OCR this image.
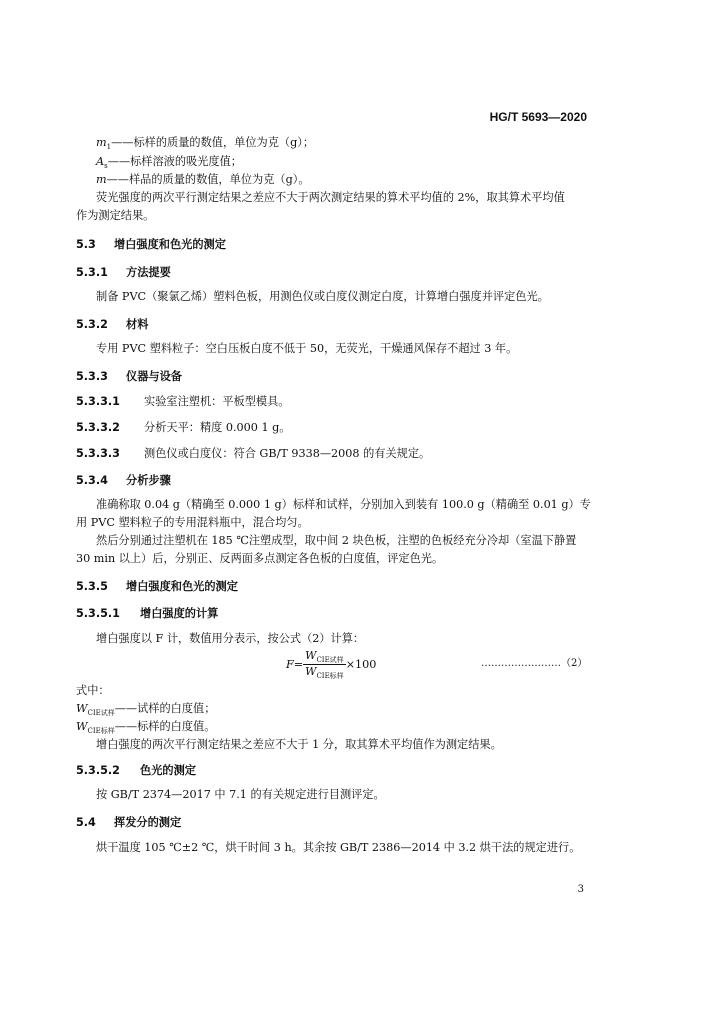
HG/T 5693—2020
$m_1——$标样的质量的数值，单位为克（g）；
$A_s——$标样溶液的吸光度值；
m——样品的质量的数值，单位为克（g）。
荧光强度的两次平行测定结果之差应不大于两次测定结果的算术平均值的 2%，取其算术平均值
作为测定结果。
5.3 增白强度和色光的测定
5.3.1 方法提要
制备 PVC（聚氯乙烯）塑料色板，用测色仪或白度仪测定白度，计算增白强度并评定色光。
5.3.2 材料
专用 PVC 塑料粒子：空白压板白度不低于 50，无荧光，干燥通风保存不超过 3 年。
5.3.3 仪器与设备
5.3.3.1 实验室注塑机：平板型模具。
5.3.3.2 分析天平：精度 0.000 1 g。
5.3.3.3 测色仪或白度仪：符合 GB/T 9338—2008 的有关规定。
5.3.4 分析步骤
准确称取 0.04 g（精确至 0.000 1 g）标样和试样，分别加入到装有 100.0 g（精确至 0.01 g）专
用 PVC 塑料粒子的专用混料瓶中，混合均匀。
然后分别通过注塑机在 185 ℃注塑成型，取中间 2 块色板，注塑的色板经充分冷却（室温下静置
30 min 以上）后，分别正、反两面多点测定各色板的白度值，评定色光。
5.3.5 增白强度和色光的测定
5.3.5.1 增白强度的计算
增白强度以 F 计，数值用分表示，按公式（2）计算：
$F= \frac{W_{CIE试样}}{W_{CIE标样}} \times 100$	……………………（2）
式中：
$W_{CIE试样}——$试样的白度值；
$W_{CIE标样}——$标样的白度值。
增白强度的两次平行测定结果之差应不大于 1 分，取其算术平均值作为测定结果。
5.3.5.2 色光的测定
按 GB/T 2374—2017 中 7.1 的有关规定进行目测评定。
5.4 挥发分的测定
烘干温度 105 ℃±2 ℃，烘干时间 3 h。其余按 GB/T 2386—2014 中 3.2 烘干法的规定进行。
3
